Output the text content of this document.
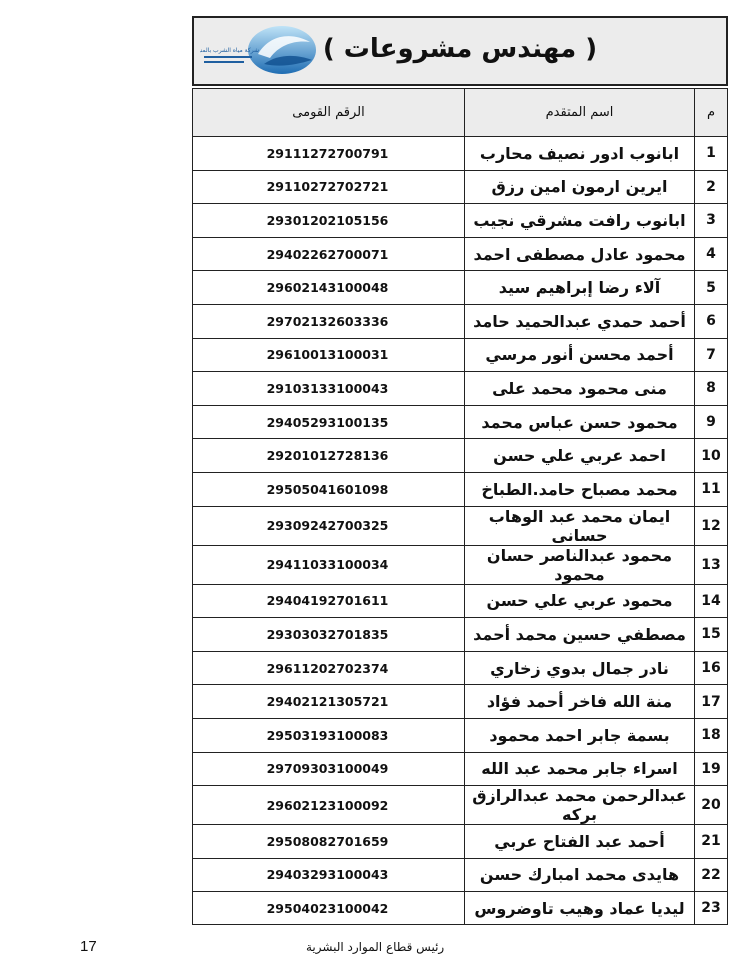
شركة مياه الشرب بالمنيا	( مهندس مشروعات )
م	اسم المتقدم	الرقم القومى
1	ابانوب ادور نصيف محارب	29111272700791
2	ايرين ارمون امين رزق	29110272702721
3	ابانوب رافت مشرقي نجيب	29301202105156
4	محمود عادل مصطفى احمد	29402262700071
5	آلاء رضا إبراهيم سيد	29602143100048
6	أحمد حمدي عبدالحميد حامد	29702132603336
7	أحمد محسن أنور مرسي	29610013100031
8	منى محمود محمد على	29103133100043
9	محمود حسن عباس محمد	29405293100135
10	احمد عربي علي حسن	29201012728136
11	محمد مصباح حامد.الطباخ	29505041601098
12	ايمان محمد عبد الوهاب حسانى	29309242700325
13	محمود عبدالناصر حسان محمود	29411033100034
14	محمود عربي علي حسن	29404192701611
15	مصطفي حسين محمد أحمد	29303032701835
16	نادر جمال بدوي زخاري	29611202702374
17	منة الله فاخر أحمد فؤاد	29402121305721
18	بسمة جابر احمد محمود	29503193100083
19	اسراء جابر محمد عبد الله	29709303100049
20	عبدالرحمن محمد عبدالرازق بركه	29602123100092
21	أحمد عبد الفتاح عربي	29508082701659
22	هايدى محمد امبارك حسن	29403293100043
23	ليديا عماد وهيب تاوضروس	29504023100042
رئيس قطاع الموارد البشرية
17
